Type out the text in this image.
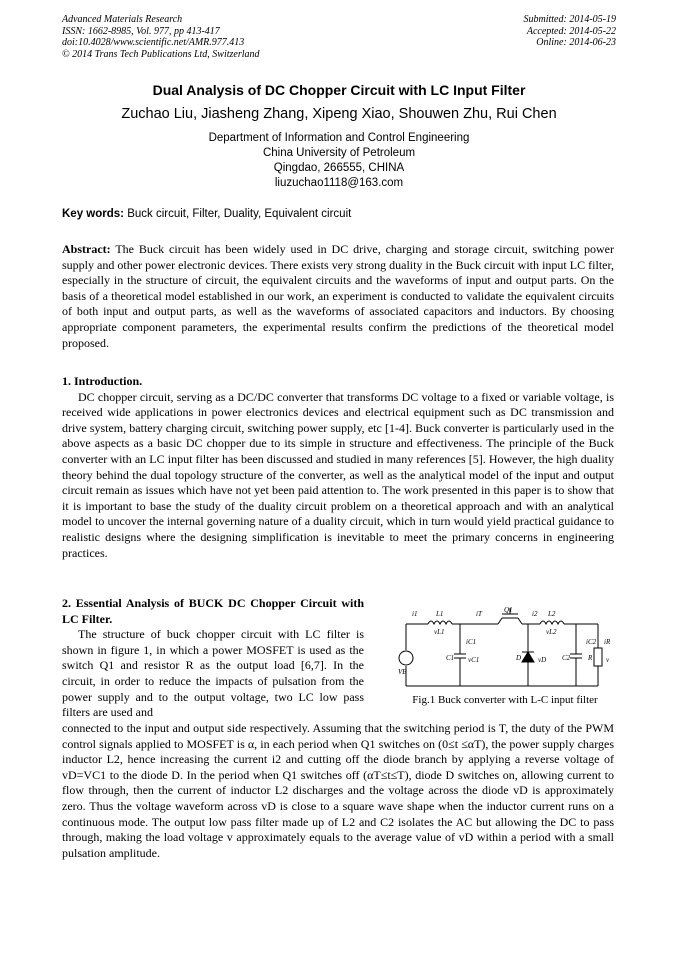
Advanced Materials Research
ISSN: 1662-8985, Vol. 977, pp 413-417
doi:10.4028/www.scientific.net/AMR.977.413
© 2014 Trans Tech Publications Ltd, Switzerland
Submitted: 2014-05-19
Accepted: 2014-05-22
Online: 2014-06-23
Dual Analysis of DC Chopper Circuit with LC Input Filter
Zuchao Liu, Jiasheng Zhang, Xipeng Xiao, Shouwen Zhu, Rui Chen
Department of Information and Control Engineering
China University of Petroleum
Qingdao, 266555, CHINA
liuzuchao1118@163.com
Key words: Buck circuit, Filter, Duality, Equivalent circuit
Abstract: The Buck circuit has been widely used in DC drive, charging and storage circuit, switching power supply and other power electronic devices. There exists very strong duality in the Buck circuit with input LC filter, especially in the structure of circuit, the equivalent circuits and the waveforms of input and output parts. On the basis of a theoretical model established in our work, an experiment is conducted to validate the equivalent circuits of both input and output parts, as well as the waveforms of associated capacitors and inductors. By choosing appropriate component parameters, the experimental results confirm the predictions of the theoretical model proposed.
1. Introduction.
DC chopper circuit, serving as a DC/DC converter that transforms DC voltage to a fixed or variable voltage, is received wide applications in power electronics devices and electrical equipment such as DC transmission and drive system, battery charging circuit, switching power supply, etc [1-4]. Buck converter is particularly used in the above aspects as a basic DC chopper due to its simple in structure and effectiveness. The principle of the Buck converter with an LC input filter has been discussed and studied in many references [5]. However, the high duality theory behind the dual topology structure of the converter, as well as the analytical model of the input and output circuit remain as issues which have not yet been paid attention to. The work presented in this paper is to show that it is important to base the study of the duality circuit problem on a theoretical approach and with an analytical model to uncover the internal governing nature of a duality circuit, which in turn would yield practical guidance to realistic designs where the designing simplification is inevitable to meet the primary concerns in engineering practices.
2. Essential Analysis of BUCK DC Chopper Circuit with LC Filter.
The structure of buck chopper circuit with LC filter is shown in figure 1, in which a power MOSFET is used as the switch Q1 and resistor R as the output load [6,7]. In the circuit, in order to reduce the impacts of pulsation from the power supply and to the output voltage, two LC low pass filters are used and
connected to the input and output side respectively. Assuming that the switching period is T, the duty of the PWM control signals applied to MOSFET is α, in each period when Q1 switches on (0≤t ≤αT), the power supply charges inductor L2, hence increasing the current i2 and cutting off the diode branch by applying a reverse voltage of vD=VC1 to the diode D. In the period when Q1 switches off (αT≤t≤T), diode D switches on, allowing current to flow through, then the current of inductor L2 discharges and the voltage across the diode vD is approximately zero. Thus the voltage waveform across vD is close to a square wave shape when the inductor current runs on a continuous mode. The output low pass filter made up of L2 and C2 isolates the AC but allowing the DC to pass through, making the load voltage v approximately equals to the average value of vD within a period with a small pulsation amplitude.
i1	L1
vL1
iT	Q1	i2 L2
vL2
iC1	iC2 iR
VE
C1 vC1	D vD C2	R v
Fig.1 Buck converter with L-C input filter
